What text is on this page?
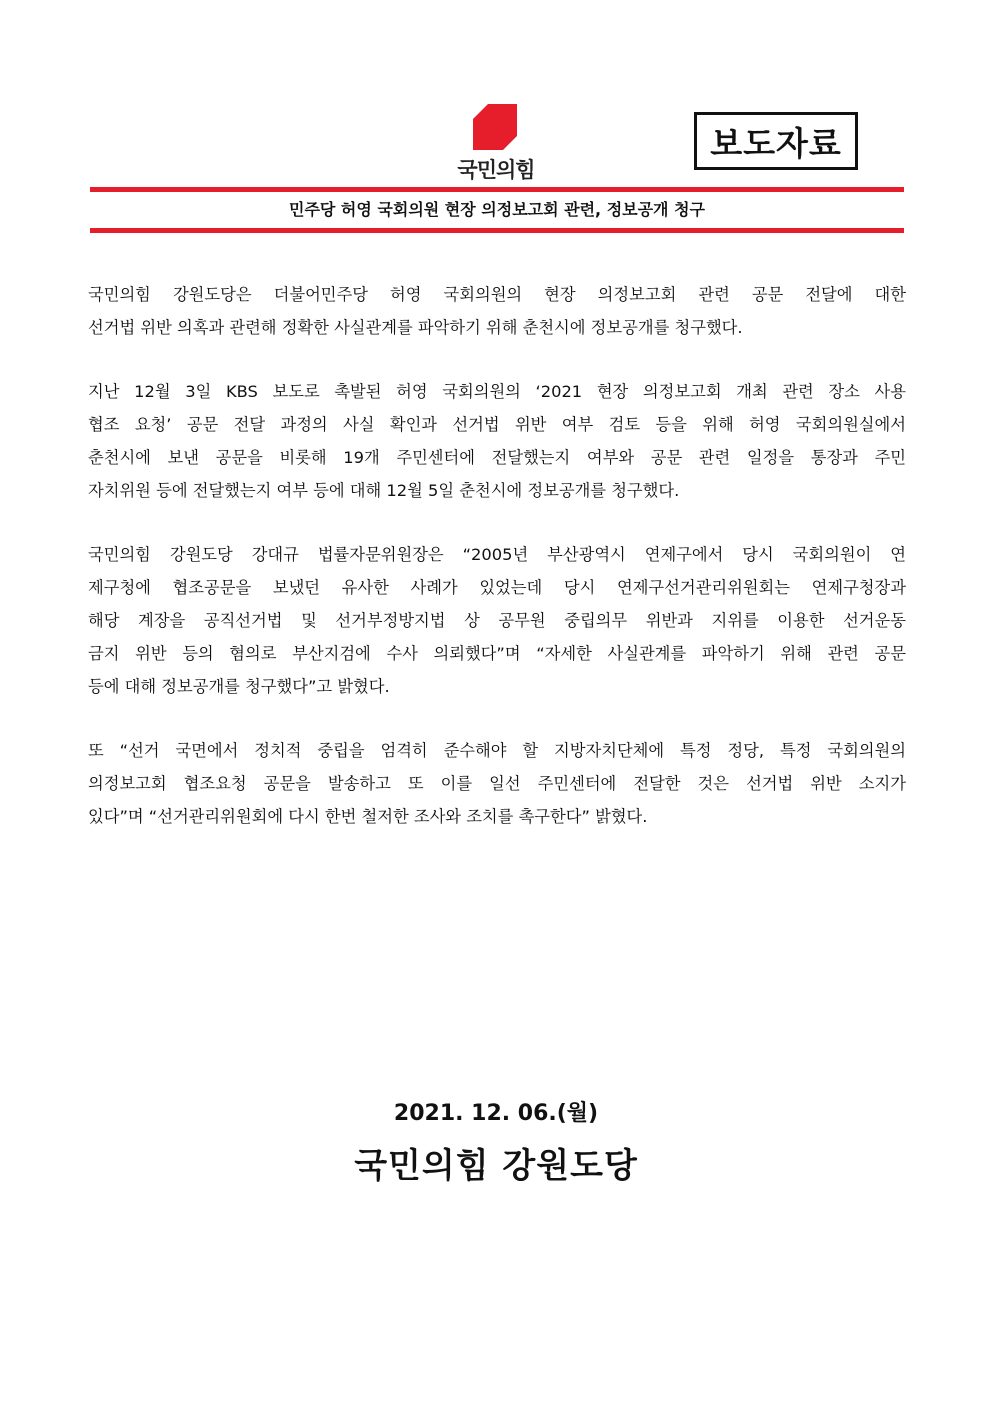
국민의힘
보도자료
민주당 허영 국회의원 현장 의정보고회 관련, 정보공개 청구
국민의힘 강원도당은 더불어민주당 허영 국회의원의 현장 의정보고회 관련 공문 전달에 대한
선거법 위반 의혹과 관련해 정확한 사실관계를 파악하기 위해 춘천시에 정보공개를 청구했다.
지난 12월 3일 KBS 보도로 촉발된 허영 국회의원의 ‘2021 현장 의정보고회 개최 관련 장소 사용
협조 요청’ 공문 전달 과정의 사실 확인과 선거법 위반 여부 검토 등을 위해 허영 국회의원실에서
춘천시에 보낸 공문을 비롯해 19개 주민센터에 전달했는지 여부와 공문 관련 일정을 통장과 주민
자치위원 등에 전달했는지 여부 등에 대해 12월 5일 춘천시에 정보공개를 청구했다.
국민의힘 강원도당 강대규 법률자문위원장은 “2005년 부산광역시 연제구에서 당시 국회의원이 연
제구청에 협조공문을 보냈던 유사한 사례가 있었는데 당시 연제구선거관리위원회는 연제구청장과
해당 계장을 공직선거법 및 선거부정방지법 상 공무원 중립의무 위반과 지위를 이용한 선거운동
금지 위반 등의 혐의로 부산지검에 수사 의뢰했다”며 “자세한 사실관계를 파악하기 위해 관련 공문
등에 대해 정보공개를 청구했다”고 밝혔다.
또 “선거 국면에서 정치적 중립을 엄격히 준수해야 할 지방자치단체에 특정 정당, 특정 국회의원의
의정보고회 협조요청 공문을 발송하고 또 이를 일선 주민센터에 전달한 것은 선거법 위반 소지가
있다”며 “선거관리위원회에 다시 한번 철저한 조사와 조치를 촉구한다” 밝혔다.
2021. 12. 06.(월)
국민의힘 강원도당
